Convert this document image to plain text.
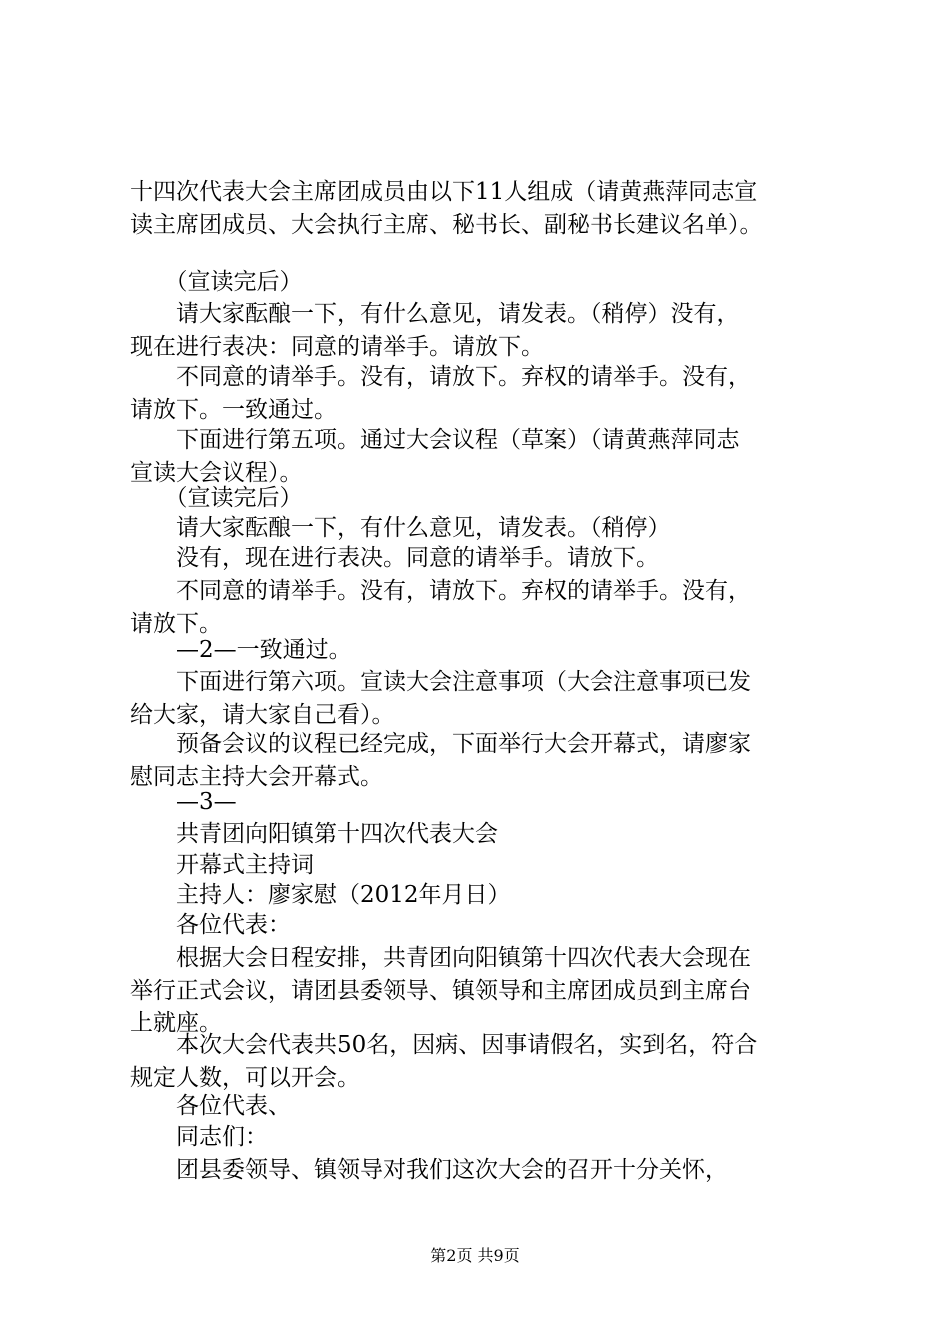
十四次代表大会主席团成员由以下11人组成（请黄燕萍同志宣
读主席团成员、大会执行主席、秘书长、副秘书长建议名单）。
　　（宣读完后）
　　请大家酝酿一下，有什么意见，请发表。（稍停）没有，
现在进行表决：同意的请举手。请放下。
　　不同意的请举手。没有，请放下。弃权的请举手。没有，
请放下。一致通过。
　　下面进行第五项。通过大会议程（草案）（请黄燕萍同志
宣读大会议程）。
　　（宣读完后）
　　请大家酝酿一下，有什么意见，请发表。（稍停）
　　没有，现在进行表决。同意的请举手。请放下。
　　不同意的请举手。没有，请放下。弃权的请举手。没有，
请放下。
　　—2—一致通过。
　　下面进行第六项。宣读大会注意事项（大会注意事项已发
给大家，请大家自己看）。
　　预备会议的议程已经完成，下面举行大会开幕式，请廖家
慰同志主持大会开幕式。
　　—3—
　　共青团向阳镇第十四次代表大会
　　开幕式主持词
　　主持人：廖家慰（2012年月日）
　　各位代表：
　　根据大会日程安排，共青团向阳镇第十四次代表大会现在
举行正式会议，请团县委领导、镇领导和主席团成员到主席台
上就座。
　　本次大会代表共50名，因病、因事请假名，实到名，符合
规定人数，可以开会。
　　各位代表、
　　同志们：
　　团县委领导、镇领导对我们这次大会的召开十分关怀，
第2页 共9页
